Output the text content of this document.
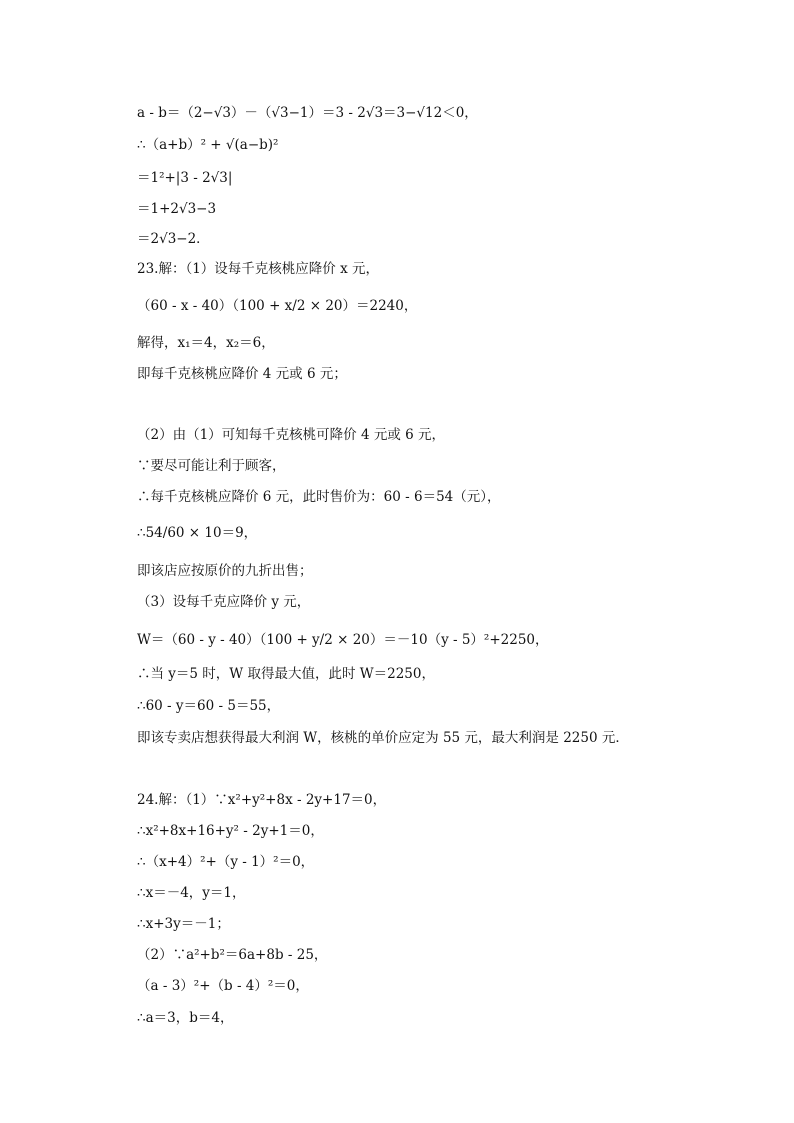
a - b＝（2−√3）－（√3−1）＝3 - 2√3＝3−√12＜0，
∴（a+b）² + √(a−b)²
＝1²+|3 - 2√3|
＝1+2√3−3
＝2√3−2．
23.解：（1）设每千克核桃应降价 x 元，
（60 - x - 40）（100 + x/2 × 20）＝2240，
解得，x₁＝4，x₂＝6，
即每千克核桃应降价 4 元或 6 元；
（2）由（1）可知每千克核桃可降价 4 元或 6 元，
∵要尽可能让利于顾客，
∴每千克核桃应降价 6 元，此时售价为：60 - 6＝54（元），
∴54/60 × 10＝9，
即该店应按原价的九折出售；
（3）设每千克应降价 y 元，
W＝（60 - y - 40）（100 + y/2 × 20）＝－10（y - 5）²+2250，
∴当 y＝5 时，W 取得最大值，此时 W＝2250，
∴60 - y＝60 - 5＝55，
即该专卖店想获得最大利润 W，核桃的单价应定为 55 元，最大利润是 2250 元．
24.解：（1）∵x²+y²+8x - 2y+17＝0，
∴x²+8x+16+y² - 2y+1＝0，
∴（x+4）²+（y - 1）²＝0，
∴x＝－4，y＝1，
∴x+3y＝－1；
（2）∵a²+b²＝6a+8b - 25，
（a - 3）²+（b - 4）²＝0，
∴a＝3，b＝4，
